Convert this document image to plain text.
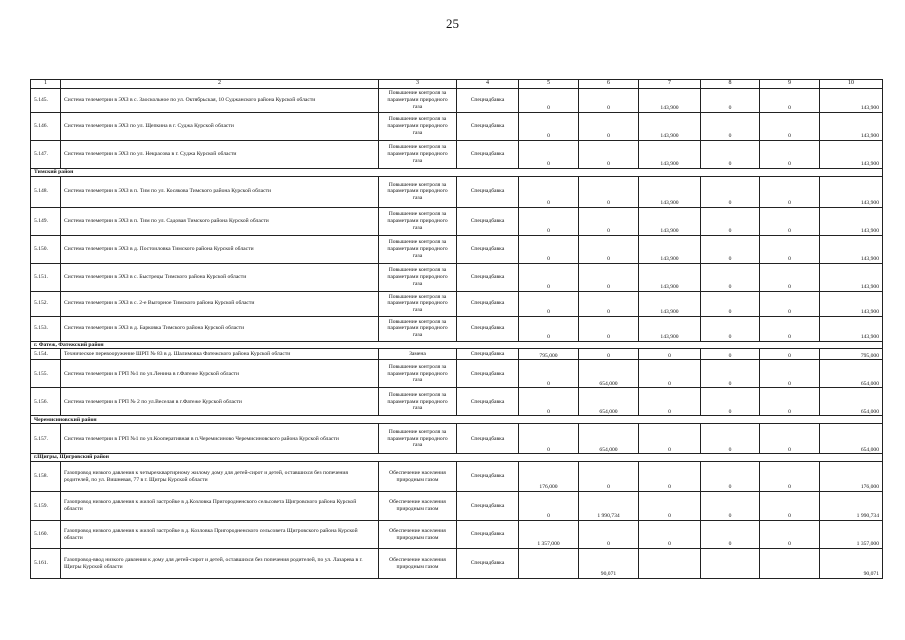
25
1	2	3	4	5	6	7	8	9	10
5.145.	Система телеметрии в ЭХЗ в с. Заоскольное по ул. Октябрьская, 10 Суджанского района Курской области	Повышение контроля за параметрами природного газа	Спецнадбавка	0	0	143,900	0	0	143,900
5.146.	Система телеметрии в ЭХЗ по ул. Щепкина в г. Суджа Курской области	Повышение контроля за параметрами природного газа	Спецнадбавка	0	0	143,900	0	0	143,900
5.147.	Система телеметрии в ЭХЗ по ул. Некрасова в г. Суджа Курской области	Повышение контроля за параметрами природного газа	Спецнадбавка	0	0	143,900	0	0	143,900
Тимский район									
5.148.	Система телеметрии в ЭХЗ в п. Тим по ул. Косякова Тимского района Курской области	Повышение контроля за параметрами природного газа	Спецнадбавка	0	0	143,900	0	0	143,900
5.149.	Система телеметрии в ЭХЗ в п. Тим по ул. Садовая Тимского района Курской области	Повышение контроля за параметрами природного газа	Спецнадбавка	0	0	143,900	0	0	143,900
5.150.	Система телеметрии в ЭХЗ в д. Постоиловка Тимского района Курской области	Повышение контроля за параметрами природного газа	Спецнадбавка	0	0	143,900	0	0	143,900
5.151.	Система телеметрии в ЭХЗ в с. Быстрецы Тимского района Курской области	Повышение контроля за параметрами природного газа	Спецнадбавка	0	0	143,900	0	0	143,900
5.152.	Система телеметрии в ЭХЗ в с. 2-е Выгорное Тимского района Курской области	Повышение контроля за параметрами природного газа	Спецнадбавка	0	0	143,900	0	0	143,900
5.153.	Система телеметрии в ЭХЗ в д. Барковка Тимского района Курской области	Повышение контроля за параметрами природного газа	Спецнадбавка	0	0	143,900	0	0	143,900
г. Фатеж, Фатежский район									
5.154.	Техническое перевооружение ШРП № 83 в д. Шалимовка Фатежского района Курской области	Замена	Спецнадбавка	795,000	0	0	0	0	795,000
5.155.	Система телеметрии в ГРП №1 по ул.Ленина в г.Фатеже Курской области	Повышение контроля за параметрами природного газа	Спецнадбавка	0	654,000	0	0	0	654,000
5.156.	Система телеметрии в ГРП № 2 по ул.Веселая в г.Фатеже Курской области	Повышение контроля за параметрами природного газа	Спецнадбавка	0	654,000	0	0	0	654,000
Черемисиновский район									
5.157.	Система телеметрии в ГРП №1 по ул.Кооперативная в п.Черемисиново Черемисиновского района Курской области	Повышение контроля за параметрами природного газа	Спецнадбавка	0	654,000	0	0	0	654,000
г.Щигры, Щигровский район									
5.158.	Газопровод низкого давления к четырехквартирному жилому дому для детей-сирот и детей, оставшихся без попечения родителей, по ул. Вишневая, 77 в г. Щигры Курской области	Обеспечение населения природным газом	Спецнадбавка	176,000	0	0	0	0	176,000
5.159.	Газопровод низкого давления к жилой застройке в д.Козловка Пригородненского сельсовета Щигровского района Курской области	Обеспечение населения природным газом	Спецнадбавка	0	1 990,734	0	0	0	1 990,734
5.160.	Газопровод низкого давления к жилой застройке в д. Козловка Пригородненского сельсовета Щигровского района Курской области	Обеспечение населения природным газом	Спецнадбавка	1 357,000	0	0	0	0	1 357,000
5.161.	Газопровод-ввод низкого давления к дому для детей-сирот и детей, оставшихся без попечения родителей, по ул. Лазарева в г. Щигры Курской области	Обеспечение населения природным газом	Спецнадбавка		90,071				90,071
